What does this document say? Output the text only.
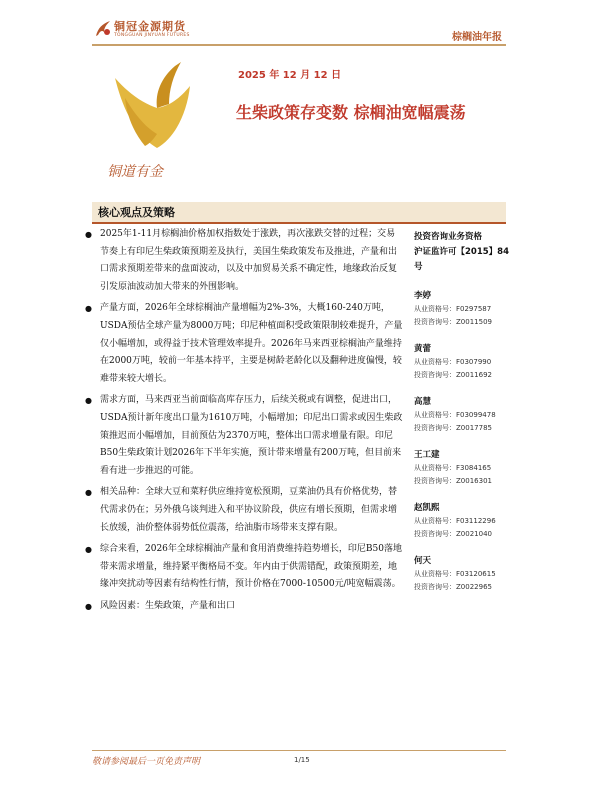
铜冠金源期货
TONGGUAN JINYUAN FUTURES	棕榈油年报
铜道有金
2025 年 12 月 12 日
生柴政策存变数 棕榈油宽幅震荡
核心观点及策略
● 2025年1-11月棕榈油价格加权指数处于涨跌，再次涨跌交替的过程；交易节奏上有印尼生柴政策预期差及执行，美国生柴政策发布及推进，产量和出口需求预期差带来的盘面波动，以及中加贸易关系不确定性，地缘政治反复引发原油波动加大带来的外围影响。
● 产量方面，2026年全球棕榈油产量增幅为2%-3%，大概160-240万吨，USDA预估全球产量为8000万吨；印尼种植面积受政策限制较难提升，产量仅小幅增加，或得益于技术管理效率提升。2026年马来西亚棕榈油产量维持在2000万吨，较前一年基本持平，主要是树龄老龄化以及翻种进度偏慢，较难带来较大增长。
● 需求方面，马来西亚当前面临高库存压力，后续关税或有调整，促进出口，USDA预计新年度出口量为1610万吨，小幅增加；印尼出口需求或因生柴政策推迟而小幅增加，目前预估为2370万吨，整体出口需求增量有限。印尼B50生柴政策计划2026年下半年实施，预计带来增量有200万吨，但目前来看有进一步推迟的可能。
● 相关品种：全球大豆和菜籽供应维持宽松预期，豆菜油仍具有价格优势，替代需求仍在；另外俄乌谈判进入和平协议阶段，供应有增长预期，但需求增长放缓，油价整体弱势低位震荡，给油脂市场带来支撑有限。
● 综合来看，2026年全球棕榈油产量和食用消费维持趋势增长，印尼B50落地带来需求增量，维持紧平衡格局不变。年内由于供需错配，政策预期差，地缘冲突扰动等因素有结构性行情，预计价格在7000-10500元/吨宽幅震荡。
● 风险因素：生柴政策，产量和出口
投资咨询业务资格
沪证监许可【2015】84 号
李婷
从业资格号：F0297587
投资咨询号：Z0011509
黄蕾
从业资格号：F0307990
投资咨询号：Z0011692
高慧
从业资格号：F03099478
投资咨询号：Z0017785
王工建
从业资格号：F3084165
投资咨询号：Z0016301
赵凯熙
从业资格号：F03112296
投资咨询号：Z0021040
何天
从业资格号：F03120615
投资咨询号：Z0022965
敬请参阅最后一页免责声明	1/15
